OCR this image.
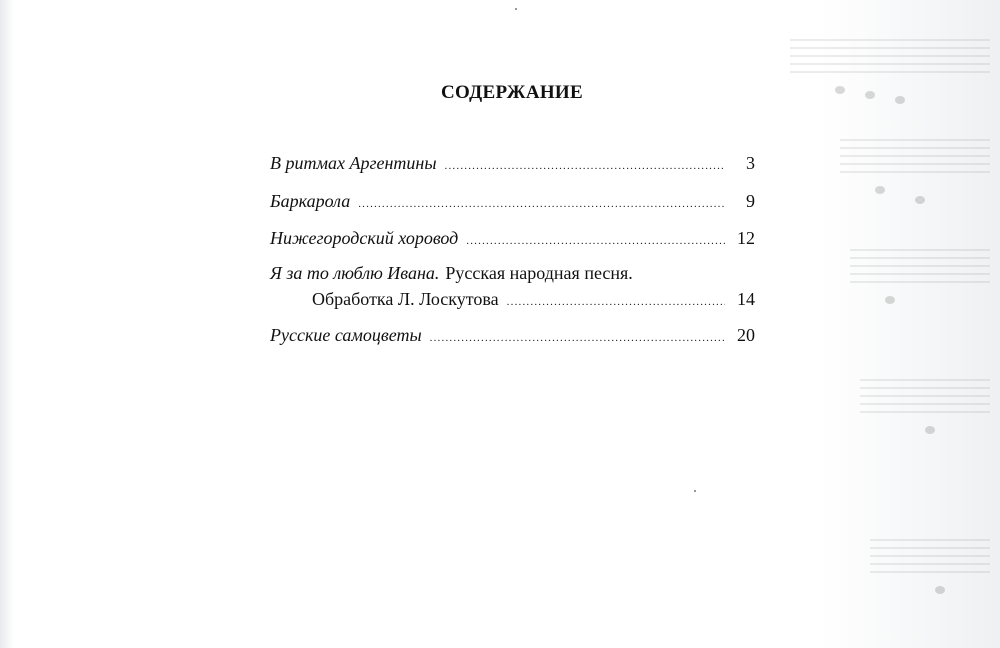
СОДЕРЖАНИЕ
В ритмах Аргентины .....	3
Баркарола .....	9
Нижегородский хоровод .....	12
Я за то люблю Ивана. Русская народная песня.
Обработка Л. Лоскутова .....	14
Русские самоцветы .....	20
